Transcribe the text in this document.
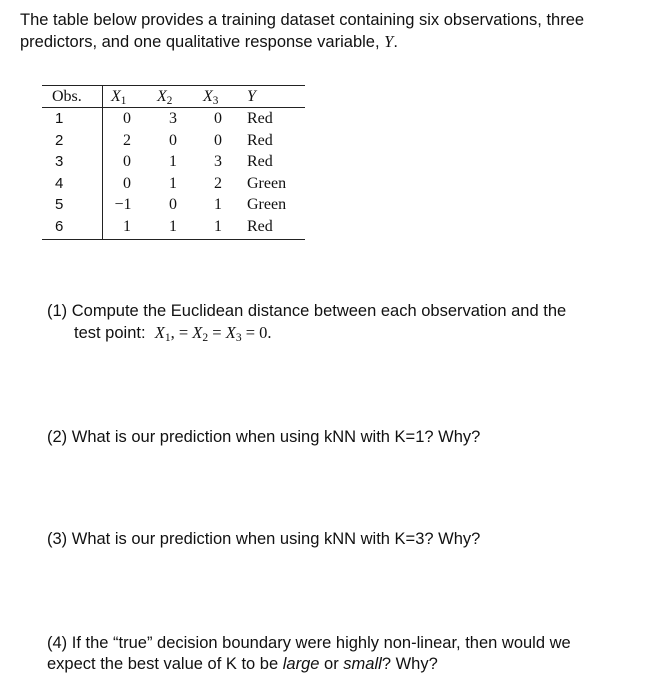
The table below provides a training dataset containing six observations, three
predictors, and one qualitative response variable, Y.
Obs. $X_1$ $X_2$ $X_3$ Y
1	0	3	0	Red
2	2	0	0	Red
3	0	1	3	Red
4	0	1	2	Green
5	−1	0	1	Green
6	1	1	1	Red
(1) Compute the Euclidean distance between each observation and the
test point: $X_1$, = $X_2 = X_3 = 0$.
(2) What is our prediction when using kNN with K=1? Why?
(3) What is our prediction when using kNN with K=3? Why?
(4) If the “true” decision boundary were highly non-linear, then would we
expect the best value of K to be large or small? Why?
